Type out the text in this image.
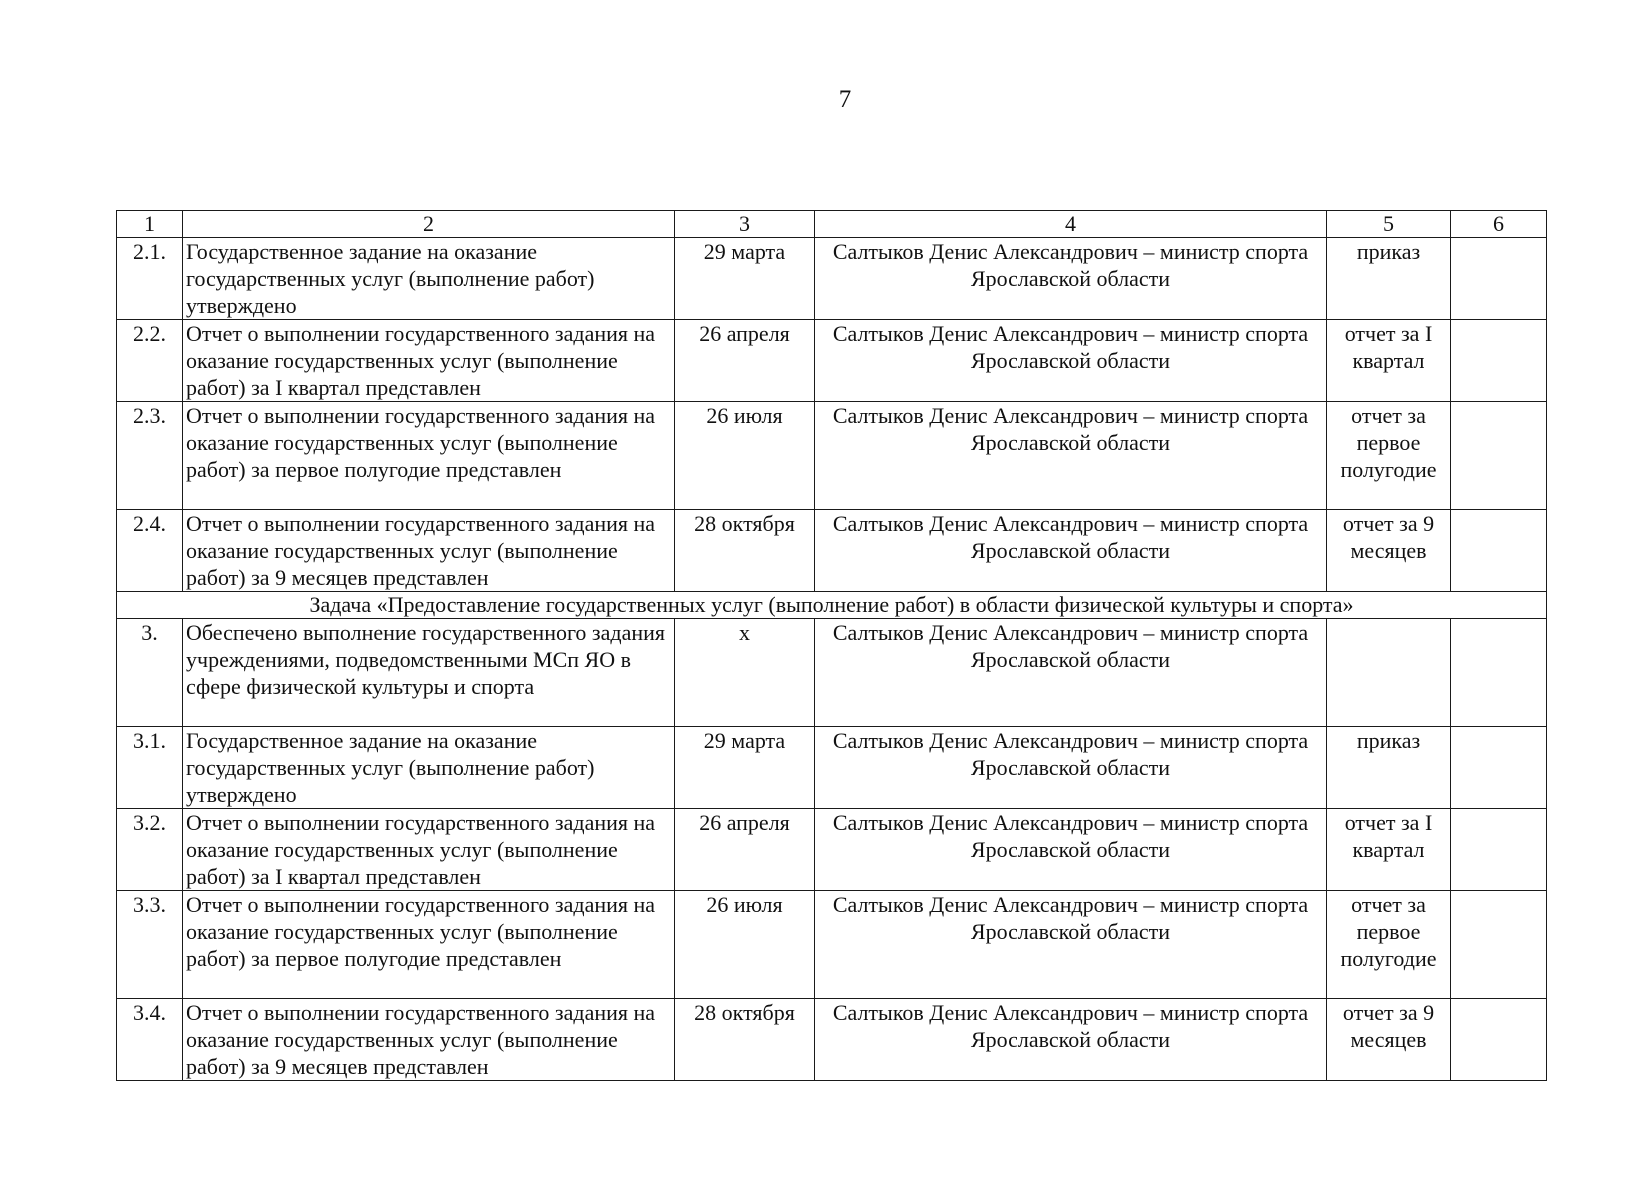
7
1	2	3	4	5	6
2.1.	Государственное задание на оказание государственных услуг (выполнение работ) утверждено	29 марта	Салтыков Денис Александрович – министр спорта Ярославской области	приказ	
2.2.	Отчет о выполнении государственного задания на оказание государственных услуг (выполнение работ) за I квартал представлен	26 апреля	Салтыков Денис Александрович – министр спорта Ярославской области	отчет за I квартал	
2.3.	Отчет о выполнении государственного задания на оказание государственных услуг (выполнение работ) за первое полугодие представлен	26 июля	Салтыков Денис Александрович – министр спорта Ярославской области	отчет за первое полугодие	
2.4.	Отчет о выполнении государственного задания на оказание государственных услуг (выполнение работ) за 9 месяцев представлен	28 октября	Салтыков Денис Александрович – министр спорта Ярославской области	отчет за 9 месяцев	
Задача «Предоставление государственных услуг (выполнение работ) в области физической культуры и спорта»					
3.	Обеспечено выполнение государственного задания учреждениями, подведомственными МСп ЯО в сфере физической культуры и спорта	х	Салтыков Денис Александрович – министр спорта Ярославской области		
3.1.	Государственное задание на оказание государственных услуг (выполнение работ) утверждено	29 марта	Салтыков Денис Александрович – министр спорта Ярославской области	приказ	
3.2.	Отчет о выполнении государственного задания на оказание государственных услуг (выполнение работ) за I квартал представлен	26 апреля	Салтыков Денис Александрович – министр спорта Ярославской области	отчет за I квартал	
3.3.	Отчет о выполнении государственного задания на оказание государственных услуг (выполнение работ) за первое полугодие представлен	26 июля	Салтыков Денис Александрович – министр спорта Ярославской области	отчет за первое полугодие	
3.4.	Отчет о выполнении государственного задания на оказание государственных услуг (выполнение работ) за 9 месяцев представлен	28 октября	Салтыков Денис Александрович – министр спорта Ярославской области	отчет за 9 месяцев	
